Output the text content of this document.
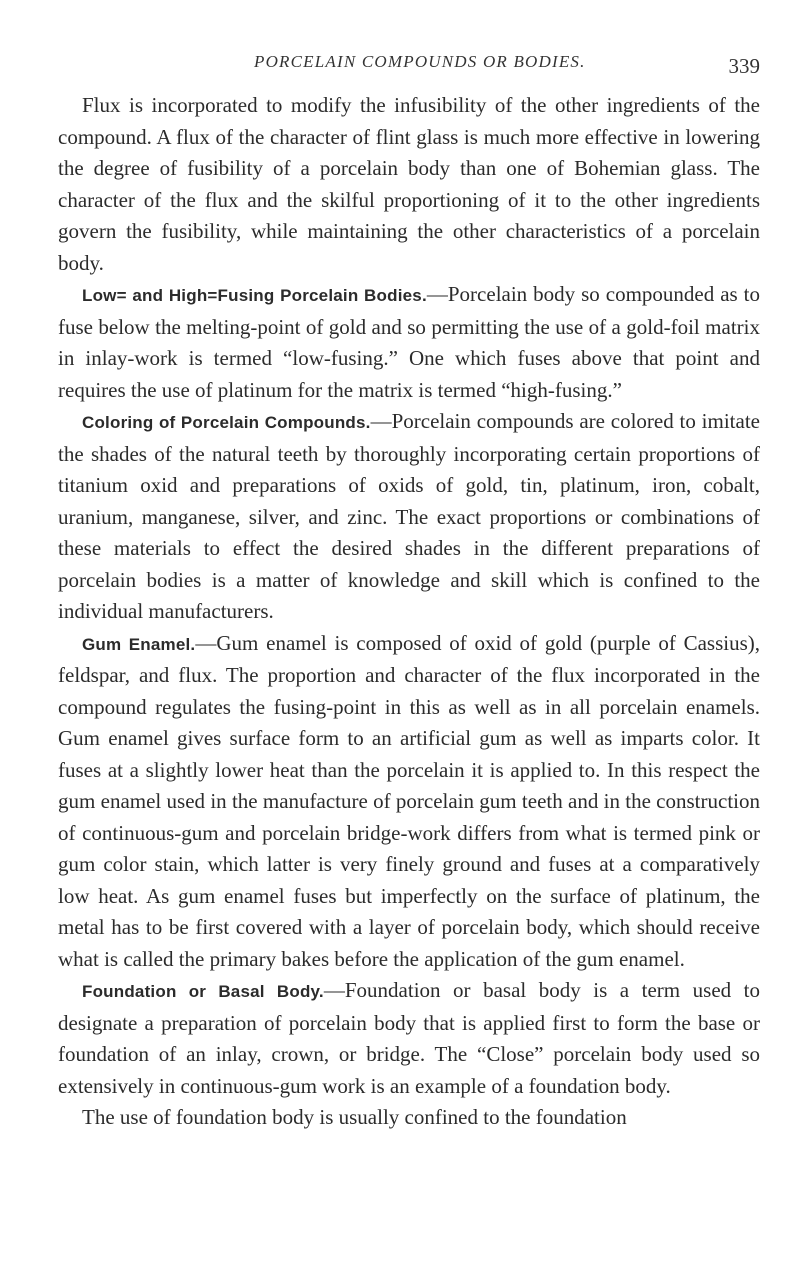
PORCELAIN COMPOUNDS OR BODIES.	339

Flux is incorporated to modify the infusibility of the other ingredients of the compound. A flux of the character of flint glass is much more effective in lowering the degree of fusibility of a porcelain body than one of Bohemian glass. The character of the flux and the skilful proportioning of it to the other ingredients govern the fusibility, while maintaining the other characteristics of a porcelain body.

Low= and High=Fusing Porcelain Bodies.—Porcelain body so compounded as to fuse below the melting-point of gold and so permitting the use of a gold-foil matrix in inlay-work is termed “low-fusing.” One which fuses above that point and requires the use of platinum for the matrix is termed “high-fusing.”

Coloring of Porcelain Compounds.—Porcelain compounds are colored to imitate the shades of the natural teeth by thoroughly incorporating certain proportions of titanium oxid and preparations of oxids of gold, tin, platinum, iron, cobalt, uranium, manganese, silver, and zinc. The exact proportions or combinations of these materials to effect the desired shades in the different preparations of porcelain bodies is a matter of knowledge and skill which is confined to the individual manufacturers.

Gum Enamel.—Gum enamel is composed of oxid of gold (purple of Cassius), feldspar, and flux. The proportion and character of the flux incorporated in the compound regulates the fusing-point in this as well as in all porcelain enamels. Gum enamel gives surface form to an artificial gum as well as imparts color. It fuses at a slightly lower heat than the porcelain it is applied to. In this respect the gum enamel used in the manufacture of porcelain gum teeth and in the construction of continuous-gum and porcelain bridge-work differs from what is termed pink or gum color stain, which latter is very finely ground and fuses at a comparatively low heat. As gum enamel fuses but imperfectly on the surface of platinum, the metal has to be first covered with a layer of porcelain body, which should receive what is called the primary bakes before the application of the gum enamel.

Foundation or Basal Body.—Foundation or basal body is a term used to designate a preparation of porcelain body that is applied first to form the base or foundation of an inlay, crown, or bridge. The “Close” porcelain body used so extensively in continuous-gum work is an example of a foundation body.

The use of foundation body is usually confined to the foundation
